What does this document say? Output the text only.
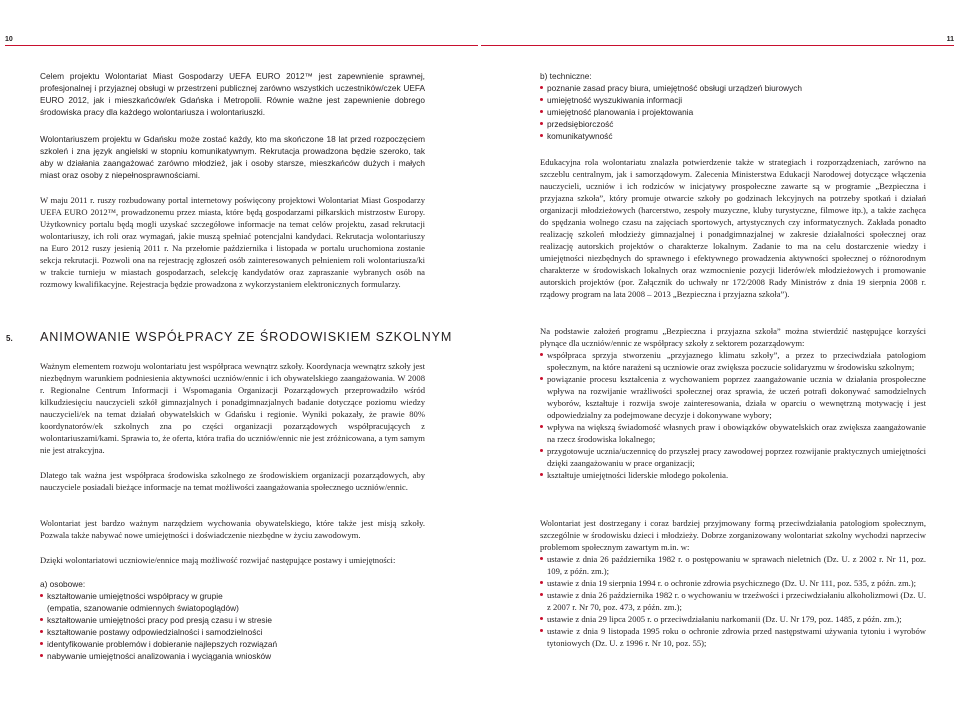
10	11

Celem projektu Wolontariat Miast Gospodarzy UEFA EURO 2012™ jest zapewnienie sprawnej, profesjonalnej i przyjaznej obsługi w przestrzeni publicznej zarówno wszystkich uczestników/czek UEFA EURO 2012, jak i mieszkańców/ek Gdańska i Metropolii. Równie ważne jest zapewnienie dobrego środowiska pracy dla każdego wolontariusza i wolontariuszki.

Wolontariuszem projektu w Gdańsku może zostać każdy, kto ma skończone 18 lat przed rozpoczęciem szkoleń i zna język angielski w stopniu komunikatywnym. Rekrutacja prowadzona będzie szeroko, tak aby w działania zaangażować zarówno młodzież, jak i osoby starsze, mieszkańców dużych i małych miast oraz osoby z niepełnosprawnościami.

W maju 2011 r. ruszy rozbudowany portal internetowy poświęcony projektowi Wolontariat Miast Gospodarzy UEFA EURO 2012™, prowadzonemu przez miasta, które będą gospodarzami piłkarskich mistrzostw Europy. Użytkownicy portalu będą mogli uzyskać szczegółowe informacje na temat celów projektu, zasad rekrutacji wolontariuszy, ich roli oraz wymagań, jakie muszą spełniać potencjalni kandydaci. Rekrutacja wolontariuszy na Euro 2012 ruszy jesienią 2011 r. Na przełomie października i listopada w portalu uruchomiona zostanie sekcja rekrutacji. Pozwoli ona na rejestrację zgłoszeń osób zainteresowanych pełnieniem roli wolontariusza/ki w trakcie turnieju w miastach gospodarzach, selekcję kandydatów oraz zapraszanie wybranych osób na rozmowy kwalifikacyjne. Rejestracja będzie prowadzona z wykorzystaniem elektronicznych formularzy.

5.	ANIMOWANIE WSPÓŁPRACY ZE ŚRODOWISKIEM SZKOLNYM

Ważnym elementem rozwoju wolontariatu jest współpraca wewnątrz szkoły. Koordynacja wewnątrz szkoły jest niezbędnym warunkiem podniesienia aktywności uczniów/ennic i ich obywatelskiego zaangażowania. W 2008 r. Regionalne Centrum Informacji i Wspomagania Organizacji Pozarządowych przeprowadziło wśród kilkudziesięciu nauczycieli szkół gimnazjalnych i ponadgimnazjalnych badanie dotyczące poziomu wiedzy nauczycieli/ek na temat działań obywatelskich w Gdańsku i regionie. Wyniki pokazały, że prawie 80% koordynatorów/ek szkolnych zna po części organizacji pozarządowych współpracujących z wolontariuszami/kami. Sprawia to, że oferta, która trafia do uczniów/ennic nie jest zróżnicowana, a tym samym nie jest atrakcyjna.

Dlatego tak ważna jest współpraca środowiska szkolnego ze środowiskiem organizacji pozarządowych, aby nauczyciele posiadali bieżące informacje na temat możliwości zaangażowania społecznego uczniów/ennic.

Wolontariat jest bardzo ważnym narzędziem wychowania obywatelskiego, które także jest misją szkoły. Pozwala także nabywać nowe umiejętności i doświadczenie niezbędne w życiu zawodowym.

Dzięki wolontariatowi uczniowie/ennice mają możliwość rozwijać następujące postawy i umiejętności:

a) osobowe:
kształtowanie umiejętności współpracy w grupie
(empatia, szanowanie odmiennych światopoglądów)
kształtowanie umiejętności pracy pod presją czasu i w stresie
kształtowanie postawy odpowiedzialności i samodzielności
identyfikowanie problemów i dobieranie najlepszych rozwiązań
nabywanie umiejętności analizowania i wyciągania wniosków
b) techniczne:
poznanie zasad pracy biura, umiejętność obsługi urządzeń biurowych
umiejętność wyszukiwania informacji
umiejętność planowania i projektowania
przedsiębiorczość
komunikatywność

Edukacyjna rola wolontariatu znalazła potwierdzenie także w strategiach i rozporządzeniach, zarówno na szczeblu centralnym, jak i samorządowym. Zalecenia Ministerstwa Edukacji Narodowej dotyczące włączenia nauczycieli, uczniów i ich rodziców w inicjatywy prospołeczne zawarte są w programie „Bezpieczna i przyjazna szkoła”, który promuje otwarcie szkoły po godzinach lekcyjnych na potrzeby spotkań i działań organizacji młodzieżowych (harcerstwo, zespoły muzyczne, kluby turystyczne, filmowe itp.), a także zachęca do spędzania wolnego czasu na zajęciach sportowych, artystycznych czy informatycznych. Zakłada ponadto realizację szkoleń młodzieży gimnazjalnej i ponadgimnazjalnej w zakresie działalności społecznej oraz realizację autorskich projektów o charakterze lokalnym. Zadanie to ma na celu dostarczenie wiedzy i umiejętności niezbędnych do sprawnego i efektywnego prowadzenia aktywności społecznej o różnorodnym charakterze w środowiskach lokalnych oraz wzmocnienie pozycji liderów/ek młodzieżowych i promowanie autorskich projektów (por. Załącznik do uchwały nr 172/2008 Rady Ministrów z dnia 19 sierpnia 2008 r. rządowy program na lata 2008 – 2013 „Bezpieczna i przyjazna szkoła”).

Na podstawie założeń programu „Bezpieczna i przyjazna szkoła” można stwierdzić następujące korzyści płynące dla uczniów/ennic ze współpracy szkoły z sektorem pozarządowym:

współpraca sprzyja stworzeniu „przyjaznego klimatu szkoły”, a przez to przeciwdziała patologiom społecznym, na które narażeni są uczniowie oraz zwiększa poczucie solidaryzmu w środowisku szkolnym;
powiązanie procesu kształcenia z wychowaniem poprzez zaangażowanie ucznia w działania prospołeczne wpływa na rozwijanie wrażliwości społecznej oraz sprawia, że uczeń potrafi dokonywać samodzielnych wyborów, kształtuje i rozwija swoje zainteresowania, działa w oparciu o wewnętrzną motywację i jest odpowiedzialny za podejmowane decyzje i dokonywane wybory;
wpływa na większą świadomość własnych praw i obowiązków obywatelskich oraz zwiększa zaangażowanie na rzecz środowiska lokalnego;
przygotowuje ucznia/uczennicę do przyszłej pracy zawodowej poprzez rozwijanie praktycznych umiejętności dzięki zaangażowaniu w prace organizacji;
kształtuje umiejętności liderskie młodego pokolenia.

Wolontariat jest dostrzegany i coraz bardziej przyjmowany formą przeciwdziałania patologiom społecznym, szczególnie w środowisku dzieci i młodzieży. Dobrze zorganizowany wolontariat szkolny wychodzi naprzeciw problemom społecznym zawartym m.in. w:

ustawie z dnia 26 października 1982 r. o postępowaniu w sprawach nieletnich (Dz. U. z 2002 r. Nr 11, poz. 109, z późn. zm.);
ustawie z dnia 19 sierpnia 1994 r. o ochronie zdrowia psychicznego (Dz. U. Nr 111, poz. 535, z późn. zm.);
ustawie z dnia 26 października 1982 r. o wychowaniu w trzeźwości i przeciwdziałaniu alkoholizmowi (Dz. U. z 2007 r. Nr 70, poz. 473, z późn. zm.);
ustawie z dnia 29 lipca 2005 r. o przeciwdziałaniu narkomanii (Dz. U. Nr 179, poz. 1485, z późn. zm.);
ustawie z dnia 9 listopada 1995 roku o ochronie zdrowia przed następstwami używania tytoniu i wyrobów tytoniowych (Dz. U. z 1996 r. Nr 10, poz. 55);
